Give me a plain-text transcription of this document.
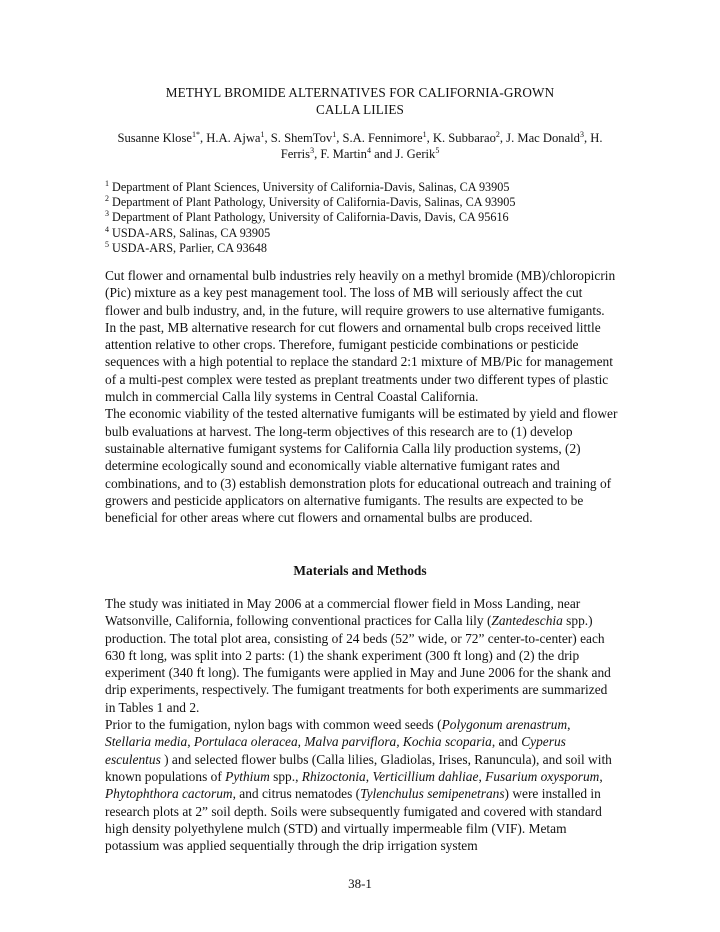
METHYL BROMIDE ALTERNATIVES FOR CALIFORNIA-GROWN
CALLA LILIES
Susanne Klose$^{1*}$, H.A. Ajwa$^1$, S. ShemTov$^1$, S.A. Fennimore$^1$, K. Subbarao$^2$, J. Mac Donald$^3$, H. Ferris$^3$, F. Martin$^4$ and J. Gerik$^5$
$^1$ Department of Plant Sciences, University of California-Davis, Salinas, CA 93905
$^2$ Department of Plant Pathology, University of California-Davis, Salinas, CA 93905
$^3$ Department of Plant Pathology, University of California-Davis, Davis, CA 95616
$^4$ USDA-ARS, Salinas, CA 93905
$^5$ USDA-ARS, Parlier, CA 93648

Cut flower and ornamental bulb industries rely heavily on a methyl bromide (MB)/chloropicrin (Pic) mixture as a key pest management tool. The loss of MB will seriously affect the cut flower and bulb industry, and, in the future, will require growers to use alternative fumigants. In the past, MB alternative research for cut flowers and ornamental bulb crops received little attention relative to other crops. Therefore, fumigant pesticide combinations or pesticide sequences with a high potential to replace the standard 2:1 mixture of MB/Pic for management of a multi-pest complex were tested as preplant treatments under two different types of plastic mulch in commercial Calla lily systems in Central Coastal California.

The economic viability of the tested alternative fumigants will be estimated by yield and flower bulb evaluations at harvest. The long-term objectives of this research are to (1) develop sustainable alternative fumigant systems for California Calla lily production systems, (2) determine ecologically sound and economically viable alternative fumigant rates and combinations, and to (3) establish demonstration plots for educational outreach and training of growers and pesticide applicators on alternative fumigants. The results are expected to be beneficial for other areas where cut flowers and ornamental bulbs are produced.

Materials and Methods

The study was initiated in May 2006 at a commercial flower field in Moss Landing, near Watsonville, California, following conventional practices for Calla lily (Zantedeschia spp.) production. The total plot area, consisting of 24 beds (52” wide, or 72” center-to-center) each 630 ft long, was split into 2 parts: (1) the shank experiment (300 ft long) and (2) the drip experiment (340 ft long). The fumigants were applied in May and June 2006 for the shank and drip experiments, respectively. The fumigant treatments for both experiments are summarized in Tables 1 and 2.

Prior to the fumigation, nylon bags with common weed seeds (Polygonum arenastrum, Stellaria media, Portulaca oleracea, Malva parviflora, Kochia scoparia, and Cyperus esculentus ) and selected flower bulbs (Calla lilies, Gladiolas, Irises, Ranuncula), and soil with known populations of Pythium spp., Rhizoctonia, Verticillium dahliae, Fusarium oxysporum, Phytophthora cactorum, and citrus nematodes (Tylenchulus semipenetrans) were installed in research plots at 2” soil depth. Soils were subsequently fumigated and covered with standard high density polyethylene mulch (STD) and virtually impermeable film (VIF). Metam potassium was applied sequentially through the drip irrigation system

38-1
